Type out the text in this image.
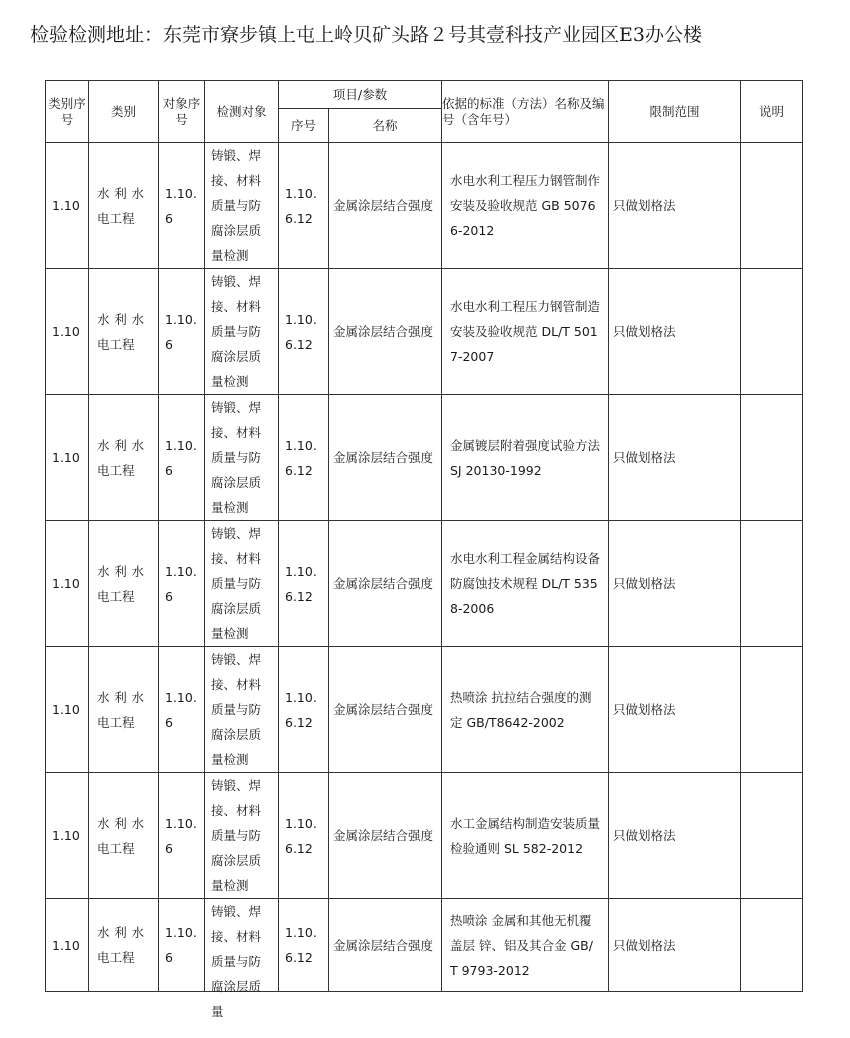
检验检测地址：东莞市寮步镇上屯上岭贝矿头路２号其壹科技产业园区E3办公楼
类别序号	类别	对象序号	检测对象	项目/参数		依据的标准（方法）名称及编号（含年号）	限制范围	说明
				序号	名称			

1.10	水利水电工程	1.10.6	铸锻、焊接、材料质量与防腐涂层质量检测	1.10.6.12	金属涂层结合强度	水电水利工程压力钢管制作安装及验收规范 GB 50766-2012	只做划格法	

1.10	水利水电工程	1.10.6	铸锻、焊接、材料质量与防腐涂层质量检测	1.10.6.12	金属涂层结合强度	水电水利工程压力钢管制造安装及验收规范 DL/T 5017-2007	只做划格法	

1.10	水利水电工程	1.10.6	铸锻、焊接、材料质量与防腐涂层质量检测	1.10.6.12	金属涂层结合强度	金属镀层附着强度试验方法 SJ 20130-1992	只做划格法	

1.10	水利水电工程	1.10.6	铸锻、焊接、材料质量与防腐涂层质量检测	1.10.6.12	金属涂层结合强度	水电水利工程金属结构设备防腐蚀技术规程 DL/T 5358-2006	只做划格法	

1.10	水利水电工程	1.10.6	铸锻、焊接、材料质量与防腐涂层质量检测	1.10.6.12	金属涂层结合强度	热喷涂 抗拉结合强度的测定 GB/T8642-2002	只做划格法	

1.10	水利水电工程	1.10.6	铸锻、焊接、材料质量与防腐涂层质量检测	1.10.6.12	金属涂层结合强度	水工金属结构制造安装质量检验通则 SL 582-2012	只做划格法	

1.10	水利水电工程	1.10.6	铸锻、焊接、材料质量与防腐涂层质量	1.10.6.12	金属涂层结合强度	热喷涂 金属和其他无机覆盖层 锌、铝及其合金 GB/T 9793-2012	只做划格法	
